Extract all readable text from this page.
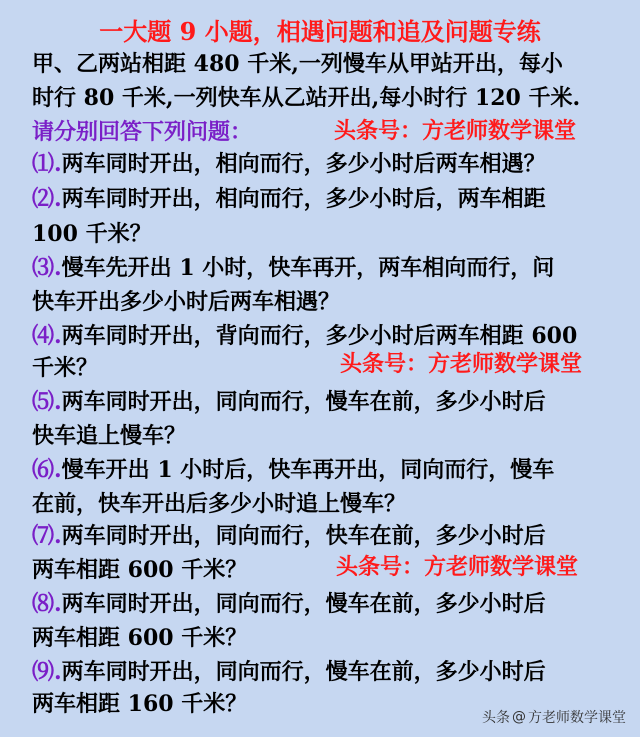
一大题 9 小题，相遇问题和追及问题专练
甲、乙两站相距 480 千米,一列慢车从甲站开出，每小
时行 80 千米,一列快车从乙站开出,每小时行 120 千米.
请分别回答下列问题：	头条号：方老师数学课堂
⑴.两车同时开出，相向而行，多少小时后两车相遇？
⑵.两车同时开出，相向而行，多少小时后，两车相距
100 千米？
⑶.慢车先开出 1 小时，快车再开，两车相向而行，问
快车开出多少小时后两车相遇？
⑷.两车同时开出，背向而行，多少小时后两车相距 600
千米？	头条号：方老师数学课堂
⑸.两车同时开出，同向而行，慢车在前，多少小时后
快车追上慢车？
⑹.慢车开出 1 小时后，快车再开出，同向而行，慢车
在前，快车开出后多少小时追上慢车？
⑺.两车同时开出，同向而行，快车在前，多少小时后
两车相距 600 千米？	头条号：方老师数学课堂
⑻.两车同时开出，同向而行，慢车在前，多少小时后
两车相距 600 千米？
⑼.两车同时开出，同向而行，慢车在前，多少小时后
两车相距 160 千米？
头条 @ 方老师数学课堂
